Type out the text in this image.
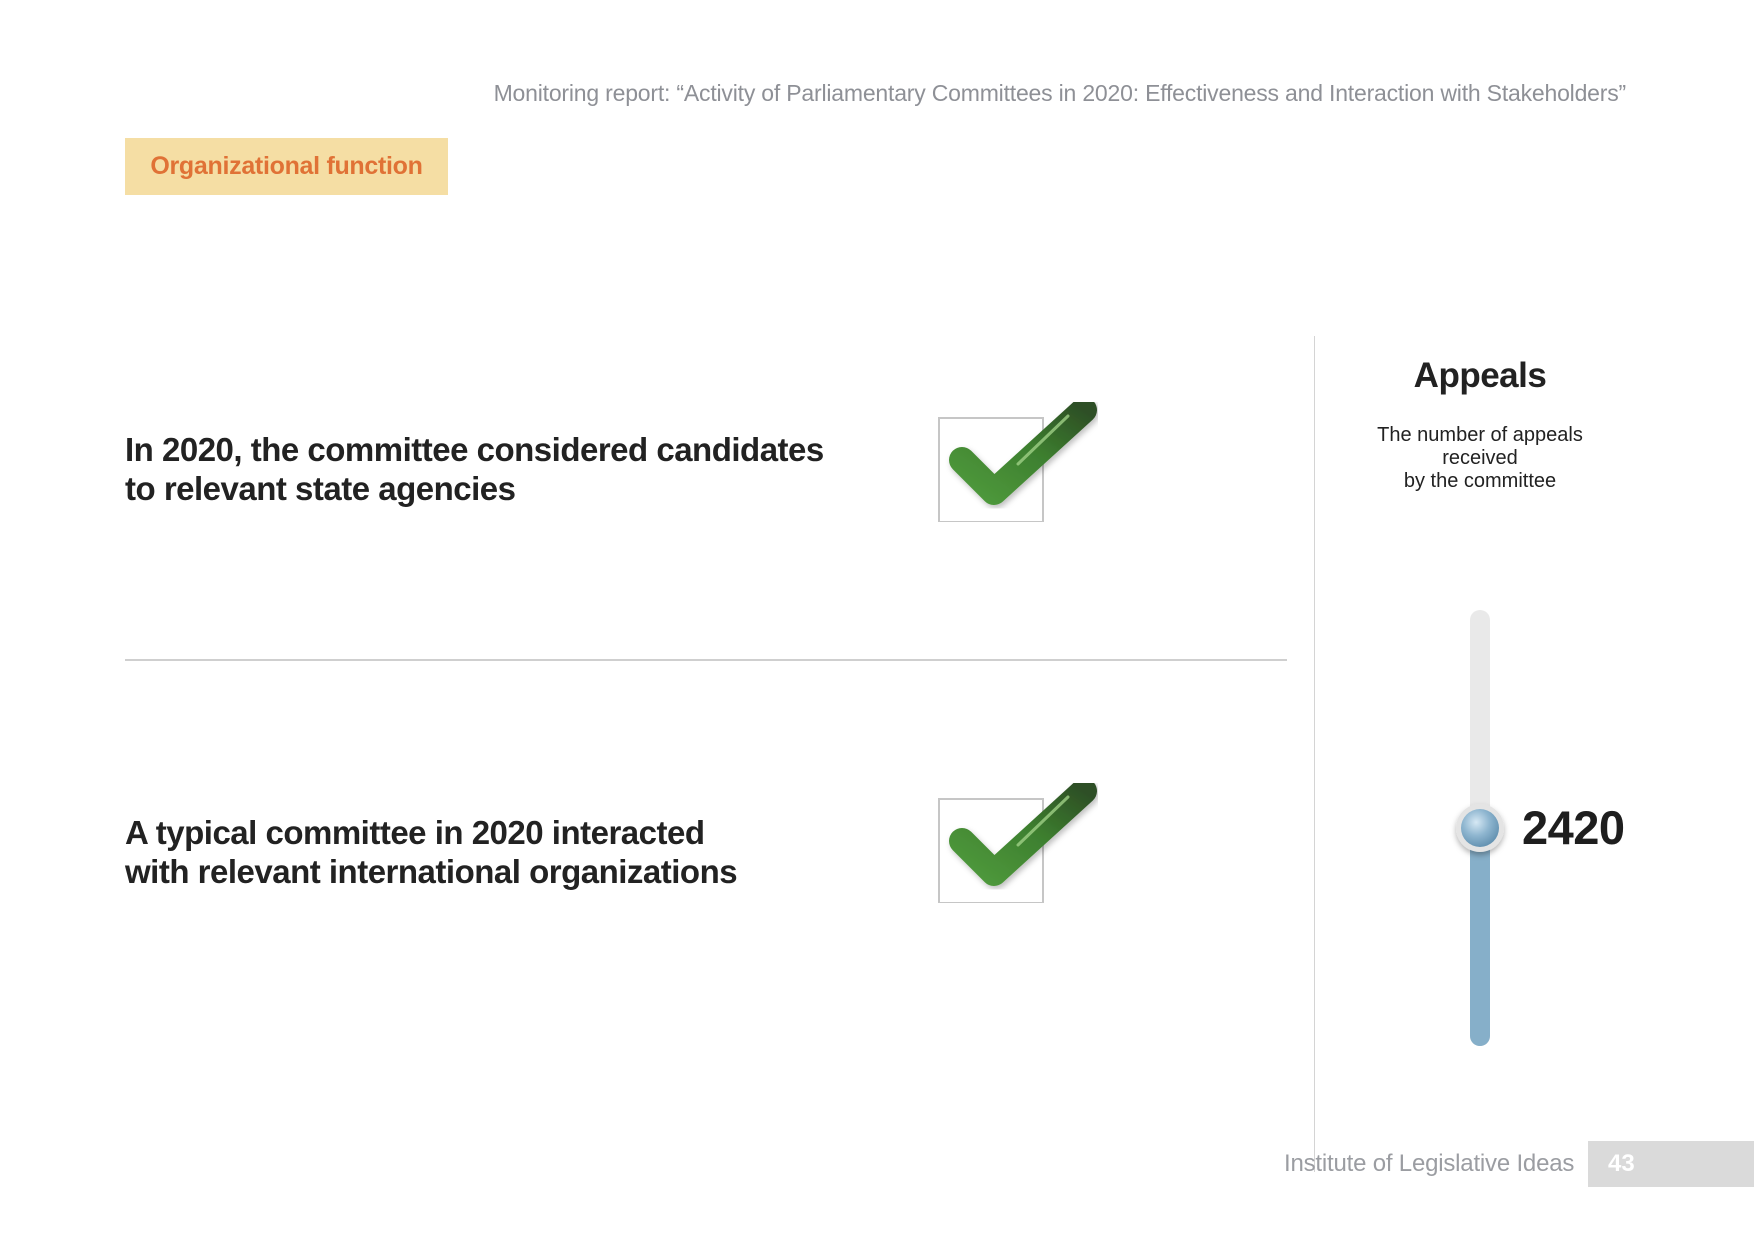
Monitoring report: “Activity of Parliamentary Committees in 2020: Effectiveness and Interaction with Stakeholders”
Organizational function
In 2020, the committee considered candidates
to relevant state agencies
A typical committee in 2020 interacted
with relevant international organizations
Appeals
The number of appeals
received
by the committee
2420
Institute of Legislative Ideas 43
